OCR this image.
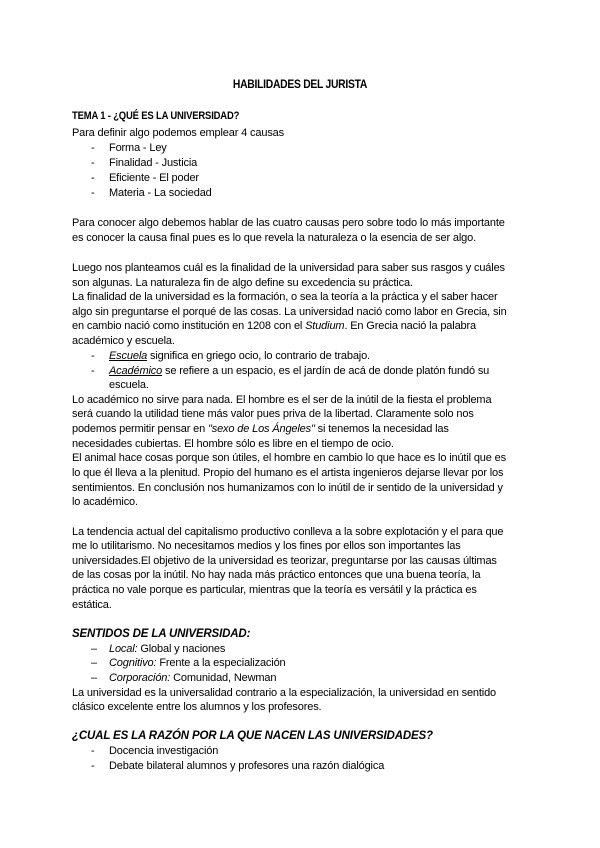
HABILIDADES DEL JURISTA
TEMA 1 - ¿QUÉ ES LA UNIVERSIDAD?
Para definir algo podemos emplear 4 causas
- Forma - Ley
- Finalidad - Justicia
- Eficiente - El poder
- Materia - La sociedad
Para conocer algo debemos hablar de las cuatro causas pero sobre todo lo más importante
es conocer la causa final pues es lo que revela la naturaleza o la esencia de ser algo.
Luego nos planteamos cuál es la finalidad de la universidad para saber sus rasgos y cuáles
son algunas. La naturaleza fin de algo define su excedencia su práctica.
La finalidad de la universidad es la formación, o sea la teoría a la práctica y el saber hacer
algo sin preguntarse el porqué de las cosas. La universidad nació como labor en Grecia, sin
en cambio nació como institución en 1208 con el Studium. En Grecia nació la palabra
académico y escuela.
- Escuela significa en griego ocio, lo contrario de trabajo.
- Académico se refiere a un espacio, es el jardín de acá de donde platón fundó su
escuela.
Lo académico no sirve para nada. El hombre es el ser de la inútil de la fiesta el problema
será cuando la utilidad tiene más valor pues priva de la libertad. Claramente solo nos
podemos permitir pensar en "sexo de Los Ángeles" si tenemos la necesidad las
necesidades cubiertas. El hombre sólo es libre en el tiempo de ocio.
El animal hace cosas porque son útiles, el hombre en cambio lo que hace es lo inútil que es
lo que él lleva a la plenitud. Propio del humano es el artista ingenieros dejarse llevar por los
sentimientos. En conclusión nos humanizamos con lo inútil de ir sentido de la universidad y
lo académico.
La tendencia actual del capitalismo productivo conlleva a la sobre explotación y el para que
me lo utilitarismo. No necesitamos medios y los fines por ellos son importantes las
universidades.El objetivo de la universidad es teorizar, preguntarse por las causas últimas
de las cosas por la inútil. No hay nada más práctico entonces que una buena teoría, la
práctica no vale porque es particular, mientras que la teoría es versátil y la práctica es
estática.
SENTIDOS DE LA UNIVERSIDAD:
– Local: Global y naciones
– Cognitivo: Frente a la especialización
– Corporación: Comunidad, Newman
La universidad es la universalidad contrario a la especialización, la universidad en sentido
clásico excelente entre los alumnos y los profesores.
¿CUAL ES LA RAZÓN POR LA QUE NACEN LAS UNIVERSIDADES?
- Docencia investigación
- Debate bilateral alumnos y profesores una razón dialógica
